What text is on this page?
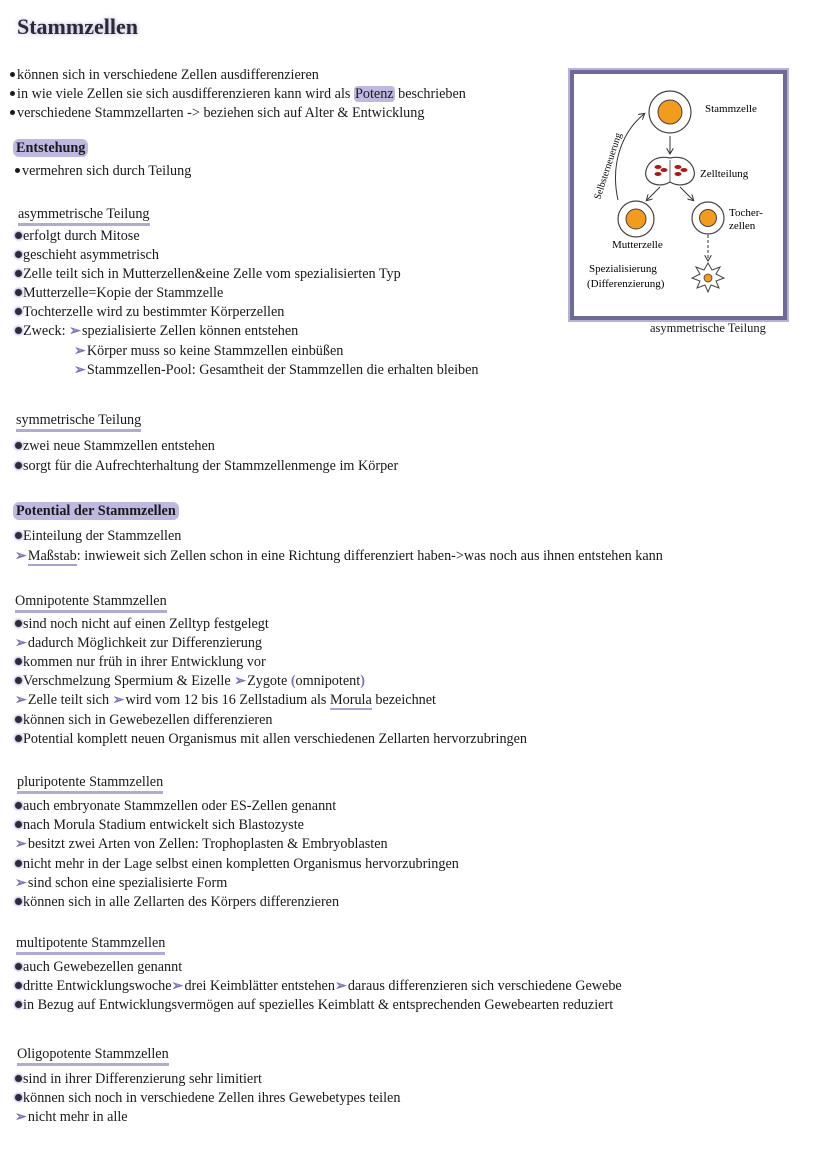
Stammzellen
können sich in verschiedene Zellen ausdifferenzieren
in wie viele Zellen sie sich ausdifferenzieren kann wird als Potenz beschrieben
verschiedene Stammzellarten -> beziehen sich auf Alter & Entwicklung
Entstehung
vermehren sich durch Teilung
asymmetrische Teilung
erfolgt durch Mitose
geschieht asymmetrisch
Zelle teilt sich in Mutterzellen&eine Zelle vom spezialisierten Typ
Mutterzelle=Kopie der Stammzelle
Tochterzelle wird zu bestimmter Körperzellen
Zweck: ➢spezialisierte Zellen können entstehen
➢Körper muss so keine Stammzellen einbüßen
➢Stammzellen-Pool: Gesamtheit der Stammzellen die erhalten bleiben
symmetrische Teilung
zwei neue Stammzellen entstehen
sorgt für die Aufrechterhaltung der Stammzellenmenge im Körper
Potential der Stammzellen
Einteilung der Stammzellen
➢Maßstab: inwieweit sich Zellen schon in eine Richtung differenziert haben->was noch aus ihnen entstehen kann
Omnipotente Stammzellen
sind noch nicht auf einen Zelltyp festgelegt
➢dadurch Möglichkeit zur Differenzierung
kommen nur früh in ihrer Entwicklung vor
Verschmelzung Spermium & Eizelle ➢Zygote (omnipotent)
➢Zelle teilt sich ➢wird vom 12 bis 16 Zellstadium als Morula bezeichnet
können sich in Gewebezellen differenzieren
Potential komplett neuen Organismus mit allen verschiedenen Zellarten hervorzubringen
pluripotente Stammzellen
auch embryonate Stammzellen oder ES-Zellen genannt
nach Morula Stadium entwickelt sich Blastozyste
➢besitzt zwei Arten von Zellen: Trophoplasten & Embryoblasten
nicht mehr in der Lage selbst einen kompletten Organismus hervorzubringen
➢sind schon eine spezialisierte Form
können sich in alle Zellarten des Körpers differenzieren
multipotente Stammzellen
auch Gewebezellen genannt
dritte Entwicklungswoche➢drei Keimblätter entstehen➢daraus differenzieren sich verschiedene Gewebe
in Bezug auf Entwicklungsvermögen auf spezielles Keimblatt & entsprechenden Gewebearten reduziert
Oligopotente Stammzellen
sind in ihrer Differenzierung sehr limitiert
können sich noch in verschiedene Zellen ihres Gewebetypes teilen
➢nicht mehr in alle
Stammzelle
Zellteilung
Mutterzelle
Tocher-
zellen
Spezialisierung
(Differenzierung)
Selbsterneuerung
asymmetrische Teilung
